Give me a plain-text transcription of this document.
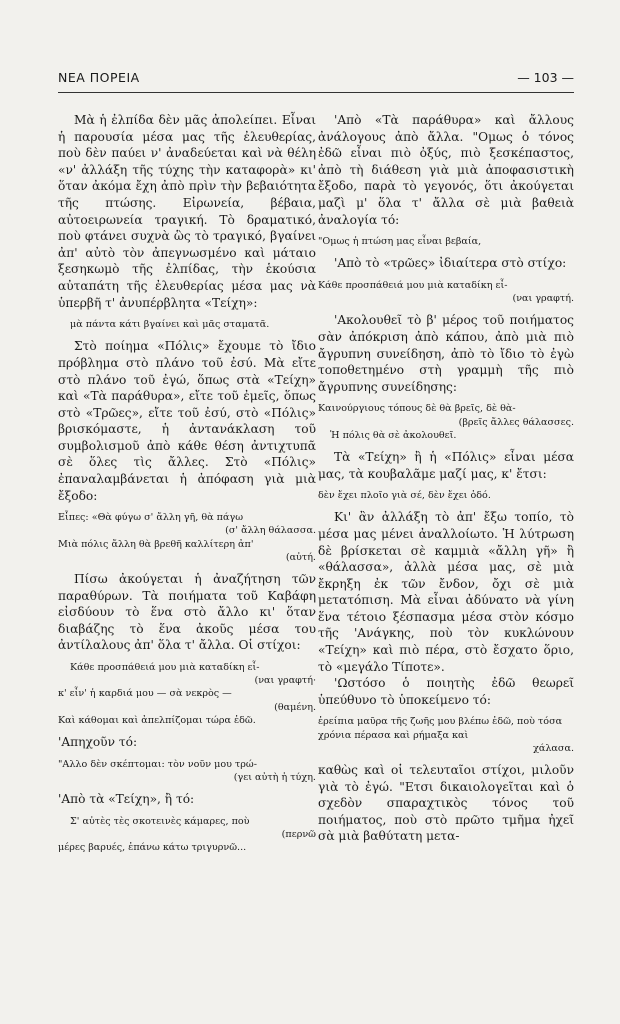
ΝΕΑ ΠΟΡΕΙΑ	— 103 —

Μὰ ἡ ἐλπίδα δὲν μᾶς ἀπολείπει. Εἶναι ἡ παρουσία μέσα μας τῆς ἐλευθερίας, ποὺ δὲν παύει ν' ἀναδεύεται καὶ νὰ θέλη «ν' ἀλλάξη τῆς τύχης τὴν καταφορὰ» κι' ὅταν ἀκόμα ἔχη ἀπὸ πρὶν τὴν βεβαιότητα τῆς πτώσης. Εἰρωνεία, βέβαια, αὐτοειρωνεία τραγική. Τὸ δραματικό, ποὺ φτάνει συχνὰ ὣς τὸ τραγικό, βγαίνει ἀπ' αὐτὸ τὸν ἀπεγνωσμένο καὶ μάταιο ξεσηκωμὸ τῆς ἐλπίδας, τὴν ἑκούσια αὐταπάτη τῆς ἐλευθερίας μέσα μας νὰ ὑπερβῆ τ' ἀνυπέρβλητα «Τείχη»:

μὰ πάντα κάτι βγαίνει καὶ μᾶς σταματᾶ.

Στὸ ποίημα «Πόλις» ἔχουμε τὸ ἴδιο πρόβλημα στὸ πλάνο τοῦ ἐσύ. Μὰ εἴτε στὸ πλάνο τοῦ ἐγώ, ὅπως στὰ «Τείχη» καὶ «Τὰ παράθυρα», εἴτε τοῦ ἐμεῖς, ὅπως στὸ «Τρῶες», εἴτε τοῦ ἐσύ, στὸ «Πόλις» βρισκόμαστε, ἡ ἀντανάκλαση τοῦ συμβολισμοῦ ἀπὸ κάθε θέση ἀντιχτυπᾶ σὲ ὅλες τὶς ἄλλες. Στὸ «Πόλις» ἐπαναλαμβάνεται ἡ ἀπόφαση γιὰ μιὰ ἔξοδο:

Εἶπες: «Θὰ φύγω σ' ἄλλη γῆ, θὰ πάγω
(σ' ἄλλη θάλασσα.
Μιὰ πόλις ἄλλη θὰ βρεθῆ καλλίτερη ἀπ'
(αὐτή.

Πίσω ἀκούγεται ἡ ἀναζήτηση τῶν παραθύρων. Τὰ ποιήματα τοῦ Καβάφη εἰσδύουν τὸ ἕνα στὸ ἄλλο κι' ὅταν διαβάζης τὸ ἕνα ἀκοῦς μέσα του ἀντίλαλους ἀπ' ὅλα τ' ἄλλα. Οἱ στίχοι:

Κάθε προσπάθειά μου μιὰ καταδίκη εἶ-
(ναι γραφτή·
κ' εἶν' ἡ καρδιά μου — σὰ νεκρὸς —
(θαμένη.
Καὶ κάθομαι καὶ ἀπελπίζομαι τώρα ἐδῶ.

'Απηχοῦν τό:

"Αλλο δὲν σκέπτομαι: τὸν νοῦν μου τρώ-
(γει αὐτὴ ἡ τύχη.

'Απὸ τὰ «Τείχη», ἢ τό:

Σ' αὐτὲς τὲς σκοτεινὲς κάμαρες, ποὺ
(περνῶ
μέρες βαρυές, ἐπάνω κάτω τριγυρνῶ...

'Απὸ «Τὰ παράθυρα» καὶ ἄλλους ἀνάλογους ἀπὸ ἄλλα. "Ομως ὁ τόνος ἐδῶ εἶναι πιὸ ὀξύς, πιὸ ξεσκέπαστος, ἀπὸ τὴ διάθεση γιὰ μιὰ ἀποφασιστικὴ ἔξοδο, παρὰ τὸ γεγονός, ὅτι ἀκούγεται μαζὶ μ' ὅλα τ' ἄλλα σὲ μιὰ βαθειὰ ἀναλογία τό:

"Ομως ἡ πτώση μας εἶναι βεβαία,

'Απὸ τὸ «τρῶες» ἰδιαίτερα στὸ στίχο:

Κάθε προσπάθειά μου μιὰ καταδίκη εἶ-
(ναι γραφτή.

'Ακολουθεῖ τὸ β' μέρος τοῦ ποιήματος σὰν ἀπόκριση ἀπὸ κάπου, ἀπὸ μιὰ πιὸ ἄγρυπνη συνείδηση, ἀπὸ τὸ ἴδιο τὸ ἐγὼ τοποθετημένο στὴ γραμμὴ τῆς πιὸ ἄγρυπνης συνείδησης:

Καινούργιους τόπους δὲ θὰ βρεῖς, δὲ θὰ-
(βρεῖς ἄλλες θάλασσες.
Ἡ πόλις θὰ σὲ ἀκολουθεῖ.

Τὰ «Τείχη» ἢ ἡ «Πόλις» εἶναι μέσα μας, τὰ κουβαλᾶμε μαζί μας, κ' ἔτσι:

δὲν ἔχει πλοῖο γιὰ σέ, δὲν ἔχει ὁδό.

Κι' ἂν ἀλλάξη τὸ ἀπ' ἔξω τοπίο, τὸ μέσα μας μένει ἀναλλοίωτο. Ἡ λύτρωση δὲ βρίσκεται σὲ καμμιὰ «ἄλλη γῆ» ἢ «θάλασσα», ἀλλὰ μέσα μας, σὲ μιὰ ἔκρηξη ἐκ τῶν ἔνδον, ὄχι σὲ μιὰ μετατόπιση. Μὰ εἶναι ἀδύνατο νὰ γίνη ἕνα τέτοιο ξέσπασμα μέσα στὸν κόσμο τῆς 'Ανάγκης, ποὺ τὸν κυκλώνουν «Τείχη» καὶ πιὸ πέρα, στὸ ἔσχατο ὅριο, τὸ «μεγάλο Τίποτε».

'Ωστόσο ὁ ποιητὴς ἐδῶ θεωρεῖ ὑπεύθυνο τὸ ὑποκείμενο τό:

ἐρείπια μαῦρα τῆς ζωῆς μου βλέπω ἐδῶ, ποὺ τόσα χρόνια πέρασα καὶ ρήμαξα καὶ
χάλασα.

καθὼς καὶ οἱ τελευταῖοι στίχοι, μιλοῦν γιὰ τὸ ἐγώ. "Ετσι δικαιολογεῖται καὶ ὁ σχεδὸν σπαραχτικὸς τόνος τοῦ ποιήματος, ποὺ στὸ πρῶτο τμῆμα ἠχεῖ σὰ μιὰ βαθύτατη μετα-
